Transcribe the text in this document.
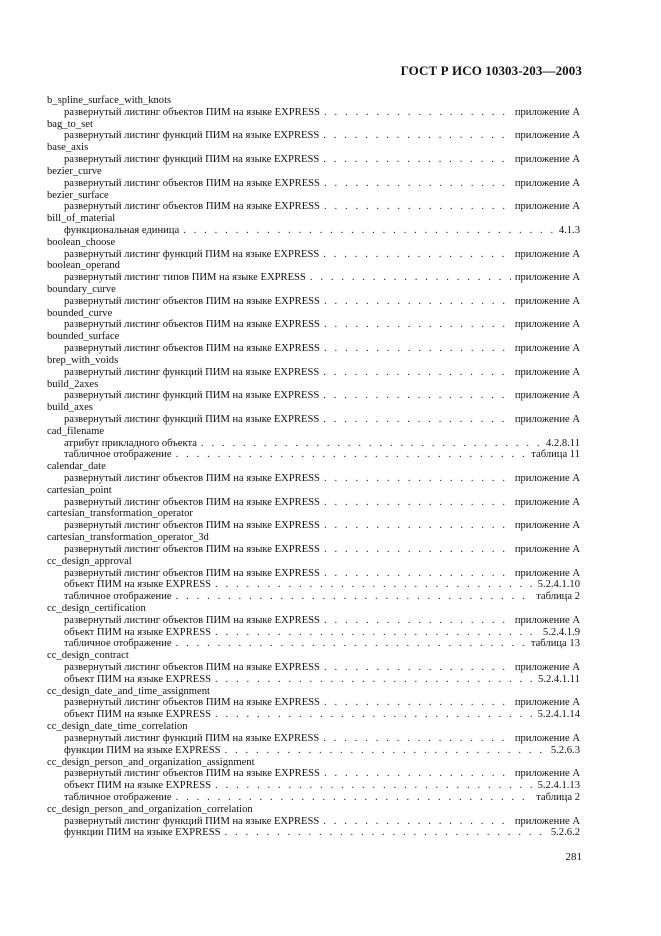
ГОСТ Р ИСО 10303-203—2003
b_spline_surface_with_knots
развернутый листинг объектов ПИМ на языке EXPRESS . . .	приложение А
bag_to_set
развернутый листинг функций ПИМ на языке EXPRESS . . .	приложение А
base_axis
развернутый листинг функций ПИМ на языке EXPRESS . . .	приложение А
bezier_curve
развернутый листинг объектов ПИМ на языке EXPRESS . . .	приложение А
bezier_surface
развернутый листинг объектов ПИМ на языке EXPRESS . . .	приложение А
bill_of_material
функциональная единица . . .	4.1.3
boolean_choose
развернутый листинг функций ПИМ на языке EXPRESS . . .	приложение А
boolean_operand
развернутый листинг типов ПИМ на языке EXPRESS . . .	приложение А
boundary_curve
развернутый листинг объектов ПИМ на языке EXPRESS . . .	приложение А
bounded_curve
развернутый листинг объектов ПИМ на языке EXPRESS . . .	приложение А
bounded_surface
развернутый листинг объектов ПИМ на языке EXPRESS . . .	приложение А
brep_with_voids
развернутый листинг функций ПИМ на языке EXPRESS . . .	приложение А
build_2axes
развернутый листинг функций ПИМ на языке EXPRESS . . .	приложение А
build_axes
развернутый листинг функций ПИМ на языке EXPRESS . . .	приложение А
cad_filename
атрибут прикладного объекта . . .	4.2.8.11
табличное отображение . . .	таблица 11
calendar_date
развернутый листинг объектов ПИМ на языке EXPRESS . . .	приложение А
cartesian_point
развернутый листинг объектов ПИМ на языке EXPRESS . . .	приложение А
cartesian_transformation_operator
развернутый листинг объектов ПИМ на языке EXPRESS . . .	приложение А
cartesian_transformation_operator_3d
развернутый листинг объектов ПИМ на языке EXPRESS . . .	приложение А
cc_design_approval
развернутый листинг объектов ПИМ на языке EXPRESS . . .	приложение А
объект ПИМ на языке EXPRESS . . .	5.2.4.1.10
табличное отображение . . .	таблица 2
cc_design_certification
развернутый листинг объектов ПИМ на языке EXPRESS . . .	приложение А
объект ПИМ на языке EXPRESS . . .	5.2.4.1.9
табличное отображение . . .	таблица 13
cc_design_contract
развернутый листинг объектов ПИМ на языке EXPRESS . . .	приложение А
объект ПИМ на языке EXPRESS . . .	5.2.4.1.11
cc_design_date_and_time_assignment
развернутый листинг объектов ПИМ на языке EXPRESS . . .	приложение А
объект ПИМ на языке EXPRESS . . .	5.2.4.1.14
cc_design_date_time_correlation
развернутый листинг функций ПИМ на языке EXPRESS . . .	приложение А
функции ПИМ на языке EXPRESS . . .	5.2.6.3
cc_design_person_and_organization_assignment
развернутый листинг объектов ПИМ на языке EXPRESS . . .	приложение А
объект ПИМ на языке EXPRESS . . .	5.2.4.1.13
табличное отображение . . .	таблица 2
cc_design_person_and_organization_correlation
развернутый листинг функций ПИМ на языке EXPRESS . . .	приложение А
функции ПИМ на языке EXPRESS . . .	5.2.6.2
281
